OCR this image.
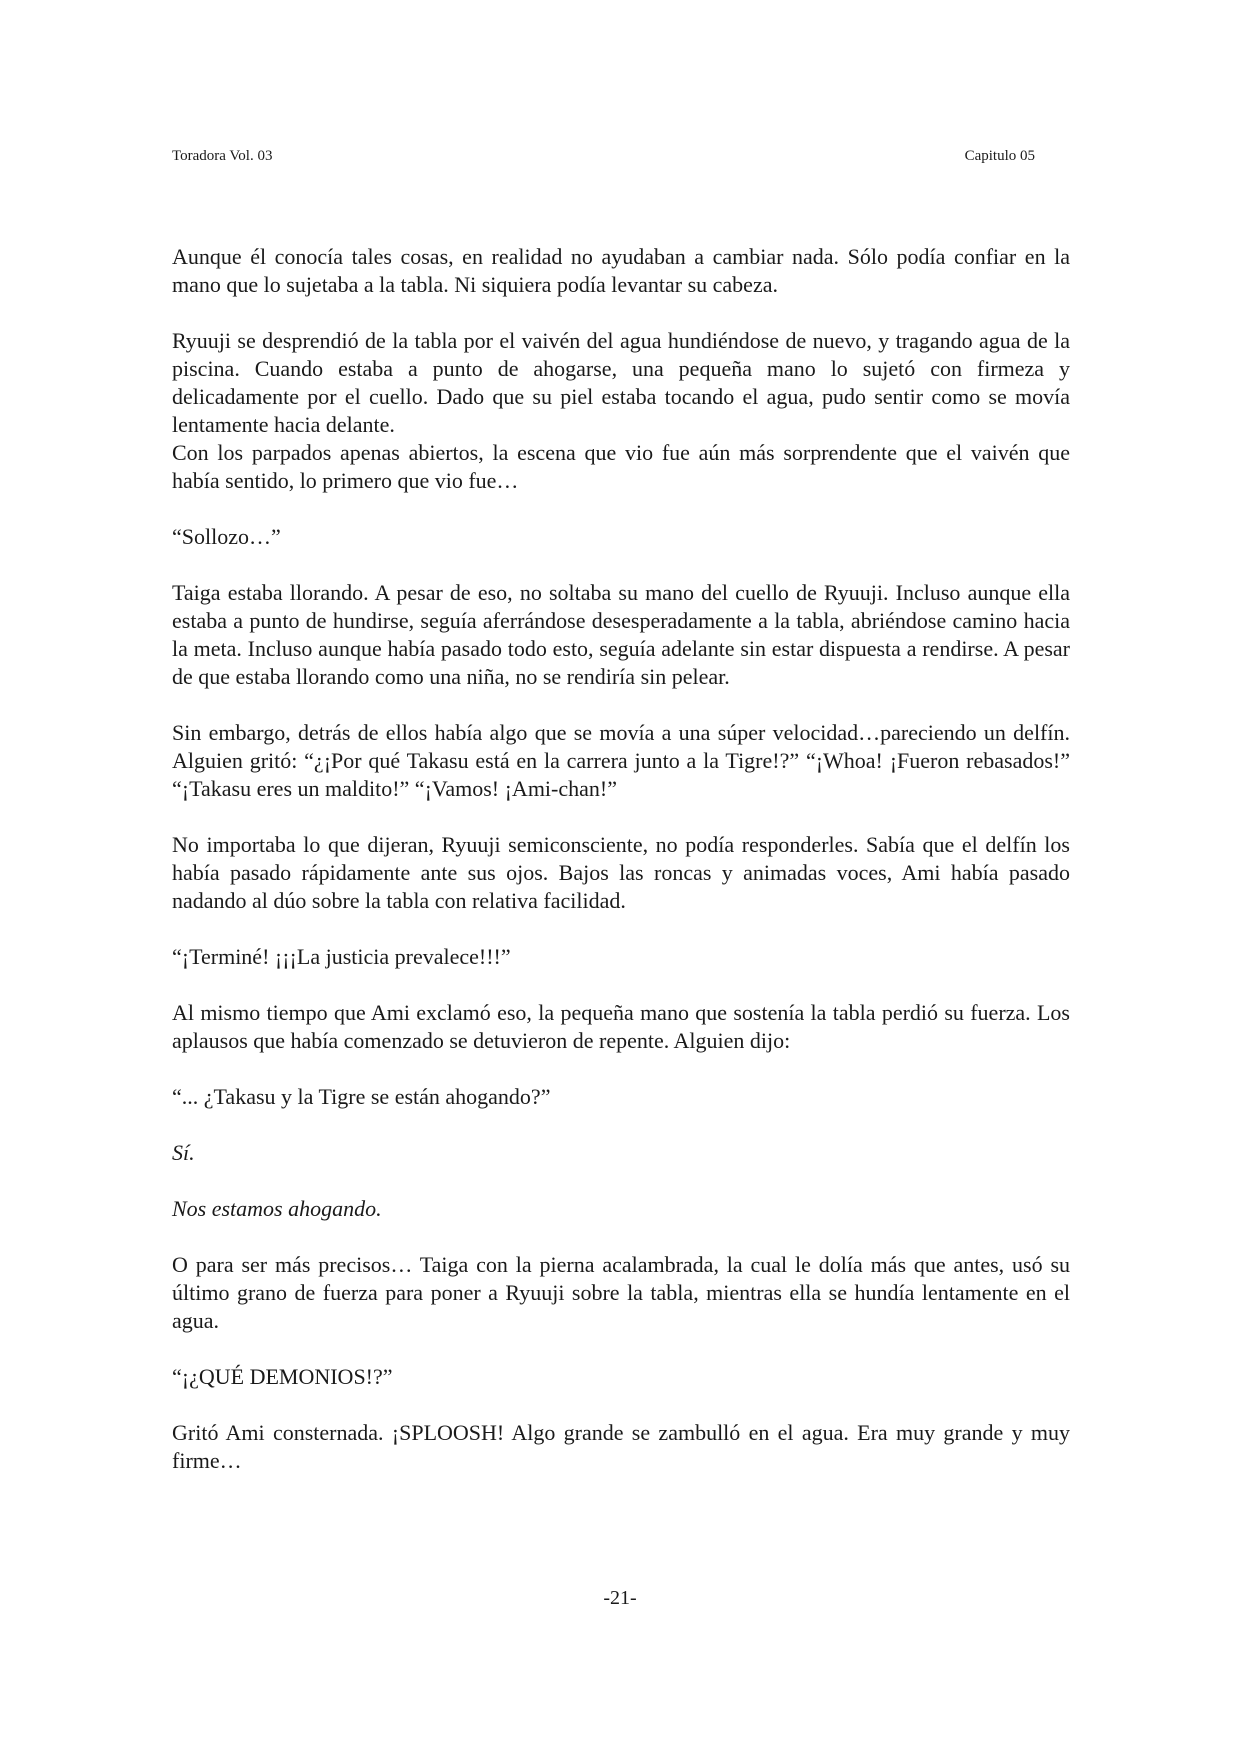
Toradora Vol. 03	Capitulo 05

Aunque él conocía tales cosas, en realidad no ayudaban a cambiar nada. Sólo podía confiar en la mano que lo sujetaba a la tabla. Ni siquiera podía levantar su cabeza.

Ryuuji se desprendió de la tabla por el vaivén del agua hundiéndose de nuevo, y tragando agua de la piscina. Cuando estaba a punto de ahogarse, una pequeña mano lo sujetó con firmeza y delicadamente por el cuello. Dado que su piel estaba tocando el agua, pudo sentir como se movía lentamente hacia delante.

Con los parpados apenas abiertos, la escena que vio fue aún más sorprendente que el vaivén que había sentido, lo primero que vio fue…

“Sollozo…”

Taiga estaba llorando. A pesar de eso, no soltaba su mano del cuello de Ryuuji. Incluso aunque ella estaba a punto de hundirse, seguía aferrándose desesperadamente a la tabla, abriéndose camino hacia la meta. Incluso aunque había pasado todo esto, seguía adelante sin estar dispuesta a rendirse. A pesar de que estaba llorando como una niña, no se rendiría sin pelear.

Sin embargo, detrás de ellos había algo que se movía a una súper velocidad…pareciendo un delfín. Alguien gritó: “¿¡Por qué Takasu está en la carrera junto a la Tigre!?” “¡Whoa! ¡Fueron rebasados!” “¡Takasu eres un maldito!” “¡Vamos! ¡Ami-chan!”

No importaba lo que dijeran, Ryuuji semiconsciente, no podía responderles. Sabía que el delfín los había pasado rápidamente ante sus ojos. Bajos las roncas y animadas voces, Ami había pasado nadando al dúo sobre la tabla con relativa facilidad.

“¡Terminé! ¡¡¡La justicia prevalece!!!”

Al mismo tiempo que Ami exclamó eso, la pequeña mano que sostenía la tabla perdió su fuerza. Los aplausos que había comenzado se detuvieron de repente. Alguien dijo:

“... ¿Takasu y la Tigre se están ahogando?”

Sí.

Nos estamos ahogando.

O para ser más precisos… Taiga con la pierna acalambrada, la cual le dolía más que antes, usó su último grano de fuerza para poner a Ryuuji sobre la tabla, mientras ella se hundía lentamente en el agua.

“¡¿QUÉ DEMONIOS!?”

Gritó Ami consternada. ¡SPLOOSH! Algo grande se zambulló en el agua. Era muy grande y muy firme…

-21-
